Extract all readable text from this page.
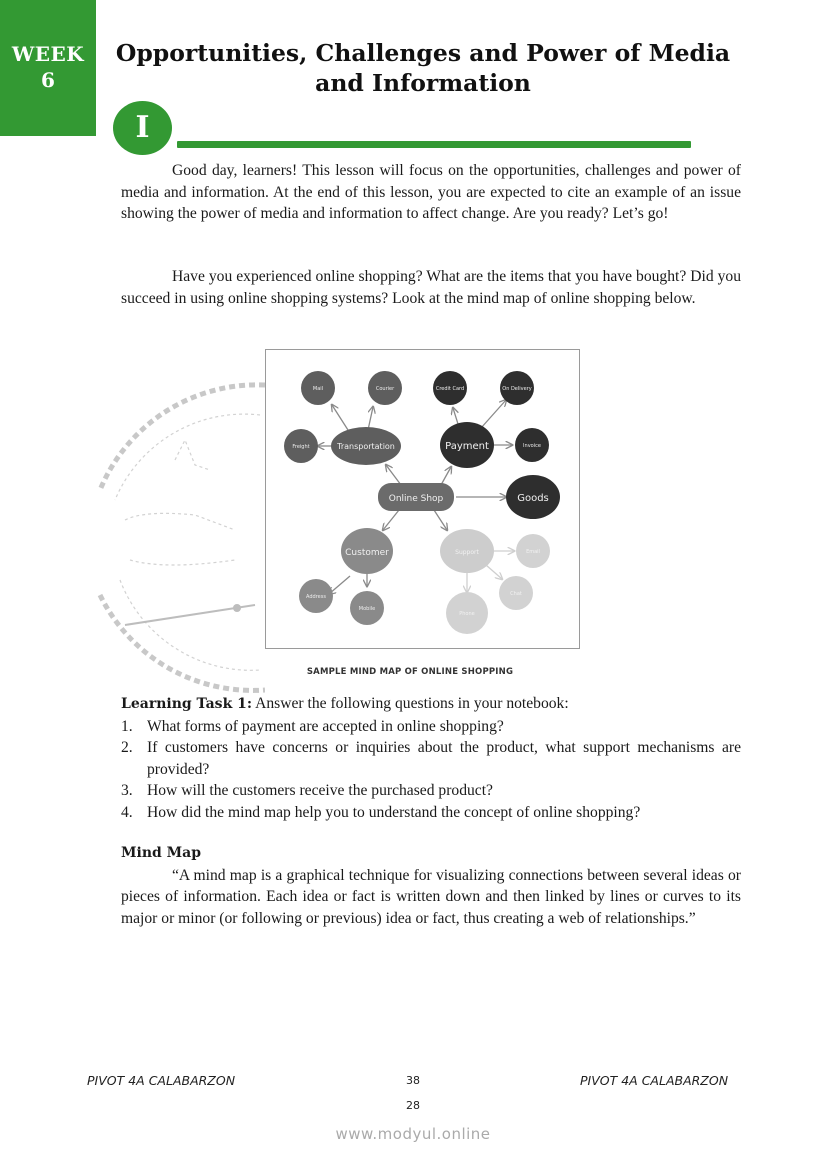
WEEK
6
Opportunities, Challenges and Power of Media and Information
I
Good day, learners! This lesson will focus on the opportunities, challenges and power of media and information. At the end of this lesson, you are expected to cite an example of an issue showing the power of media and information to affect change. Are you ready? Let’s go!
Have you experienced online shopping? What are the items that you have bought? Did you succeed in using online shopping systems? Look at the mind map of online shopping below.
Mail	Courier
Freight	Transportation
Credit Card	On Delivery
Payment	Invoice
Online Shop	Goods
Customer
Address
Mobile
Support	Email
Chat
Phone
SAMPLE MIND MAP OF ONLINE SHOPPING
Learning Task 1: Answer the following questions in your notebook:
1. What forms of payment are accepted in online shopping?
2. If customers have concerns or inquiries about the product, what support mechanisms are provided?
3. How will the customers receive the purchased product?
4. How did the mind map help you to understand the concept of online shopping?
Mind Map
“A mind map is a graphical technique for visualizing connections between several ideas or pieces of information. Each idea or fact is written down and then linked by lines or curves to its major or minor (or following or previous) idea or fact, thus creating a web of relationships.”
PIVOT 4A CALABARZON	38	PIVOT 4A CALABARZON
28
www.modyul.online
